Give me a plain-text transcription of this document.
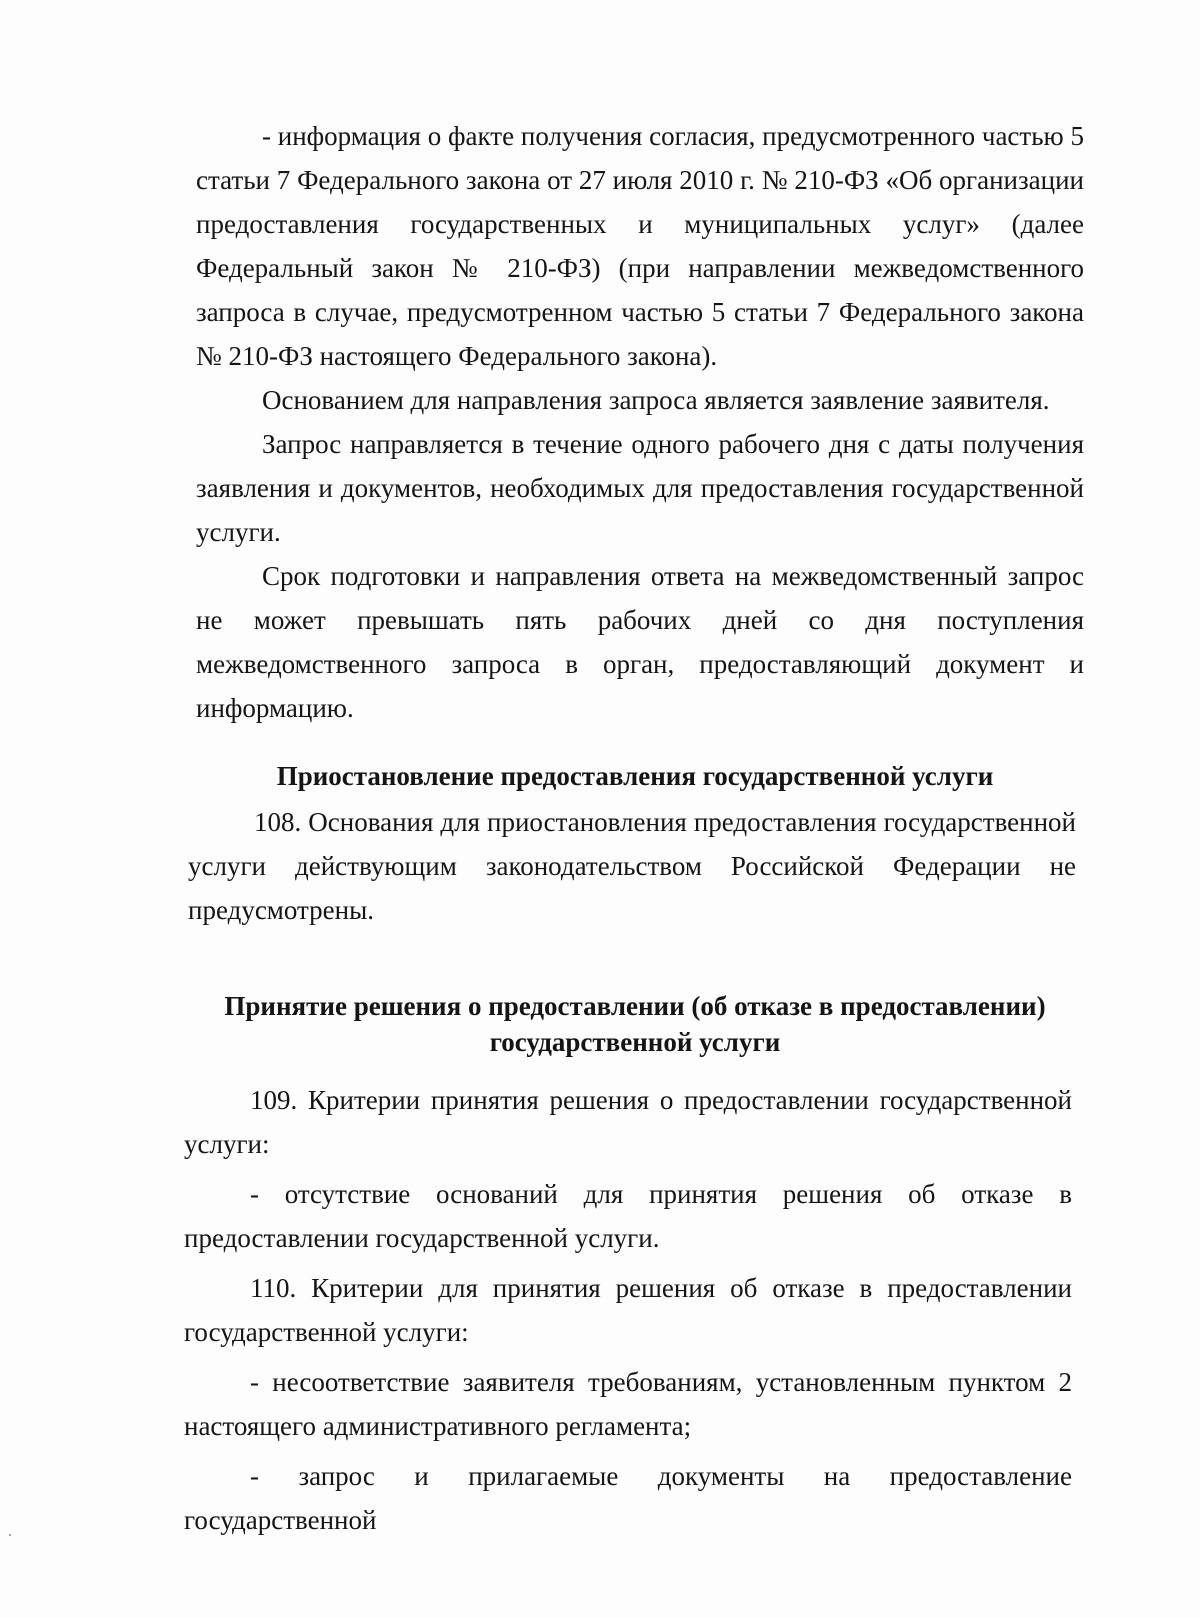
- информация о факте получения согласия, предусмотренного частью 5 статьи 7 Федерального закона от 27 июля 2010 г. № 210-ФЗ «Об организации предоставления государственных и муниципальных услуг» (далее Федеральный закон № 210-ФЗ) (при направлении межведомственного запроса в случае, предусмотренном частью 5 статьи 7 Федерального закона № 210-ФЗ настоящего Федерального закона).

Основанием для направления запроса является заявление заявителя.

Запрос направляется в течение одного рабочего дня с даты получения заявления и документов, необходимых для предоставления государственной услуги.

Срок подготовки и направления ответа на межведомственный запрос не может превышать пять рабочих дней со дня поступления межведомственного запроса в орган, предоставляющий документ и информацию.

Приостановление предоставления государственной услуги

108. Основания для приостановления предоставления государственной услуги действующим законодательством Российской Федерации не предусмотрены.

Принятие решения о предоставлении (об отказе в предоставлении)
государственной услуги

109. Критерии принятия решения о предоставлении государственной услуги:

- отсутствие оснований для принятия решения об отказе в предоставлении государственной услуги.

110. Критерии для принятия решения об отказе в предоставлении государственной услуги:

- несоответствие заявителя требованиям, установленным пунктом 2 настоящего административного регламента;

- запрос и прилагаемые документы на предоставление государственной
